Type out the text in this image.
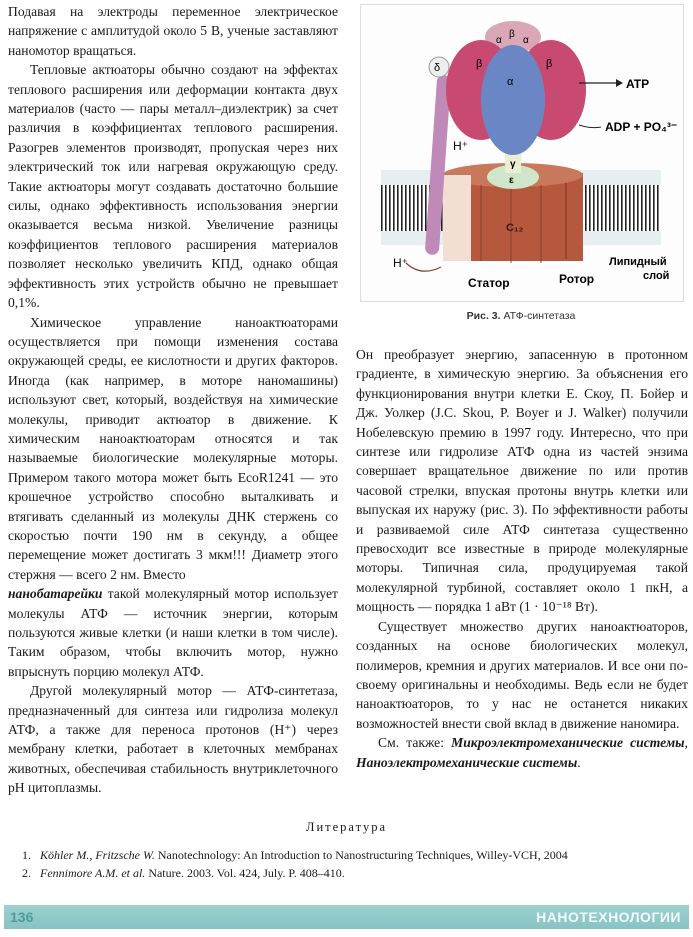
Подавая на электроды переменное электрическое напряжение с амплитудой около 5 В, ученые заставляют наномотор вращаться.

Тепловые актюаторы обычно создают на эффектах теплового расширения или деформации контакта двух материалов (часто — пары металл–диэлектрик) за счет различия в коэффициентах теплового расширения. Разогрев элементов производят, пропуская через них электрический ток или нагревая окружающую среду. Такие актюаторы могут создавать достаточно большие силы, однако эффективность использования энергии оказывается весьма низкой. Увеличение разницы коэффициентов теплового расширения материалов позволяет несколько увеличить КПД, однако общая эффективность этих устройств обычно не превышает 0,1%.

Химическое управление наноактюаторами осуществляется при помощи изменения состава окружающей среды, ее кислотности и других факторов. Иногда (как например, в моторе наномашины) используют свет, который, воздействуя на химические молекулы, приводит актюатор в движение. К химическим наноактюаторам относятся и так называемые биологические молекулярные моторы. Примером такого мотора может быть EcoR1241 — это крошечное устройство способно выталкивать и втягивать сделанный из молекулы ДНК стержень со скоростью почти 190 нм в секунду, а общее перемещение может достигать 3 мкм!!! Диаметр этого стержня — всего 2 нм. Вместо

нанобатарейки такой молекулярный мотор использует молекулы АТФ — источник энергии, которым пользуются живые клетки (и наши клетки в том числе). Таким образом, чтобы включить мотор, нужно впрыснуть порцию молекул АТФ.

Другой молекулярный мотор — АТФ-синтетаза, предназначенный для синтеза или гидролиза молекул АТФ, а также для переноса протонов (H⁺) через мембрану клетки, работает в клеточных мембранах животных, обеспечивая стабильность внутриклеточного pH цитоплазмы.

α
β
α
β	β
α
δ
γ
ε
C₁₂
ATP
ADP + PO₄³⁻
H⁺
H⁺
Статор	Ротор
Липидный
слой
Рис. 3. АТФ-синтетаза

Он преобразует энергию, запасенную в протонном градиенте, в химическую энергию. За объяснения его функционирования внутри клетки Е. Скоу, П. Бойер и Дж. Уолкер (J.C. Skou, P. Boyer и J. Walker) получили Нобелевскую премию в 1997 году. Интересно, что при синтезе или гидролизе АТФ одна из частей энзима совершает вращательное движение по или против часовой стрелки, впуская протоны внутрь клетки или выпуская их наружу (рис. 3). По эффективности работы и развиваемой силе АТФ синтетаза существенно превосходит все известные в природе молекулярные моторы. Типичная сила, продуцируемая такой молекулярной турбиной, составляет около 1 пкН, а мощность — порядка 1 аВт (1 · 10⁻¹⁸ Вт).

Существует множество других наноактюаторов, созданных на основе биологических молекул, полимеров, кремния и других материалов. И все они по-своему оригинальны и необходимы. Ведь если не будет наноактюаторов, то у нас не останется никаких возможностей внести свой вклад в движение наномира.

См. также: Микроэлектромеханические системы, Наноэлектромеханические системы.

Литература
1. Köhler M., Fritzsche W. Nanotechnology: An Introduction to Nanostructuring Techniques, Willey-VCH, 2004
2. Fennimore A.M. et al. Nature. 2003. Vol. 424, July. P. 408–410.
136	НАНОТЕХНОЛОГИИ
